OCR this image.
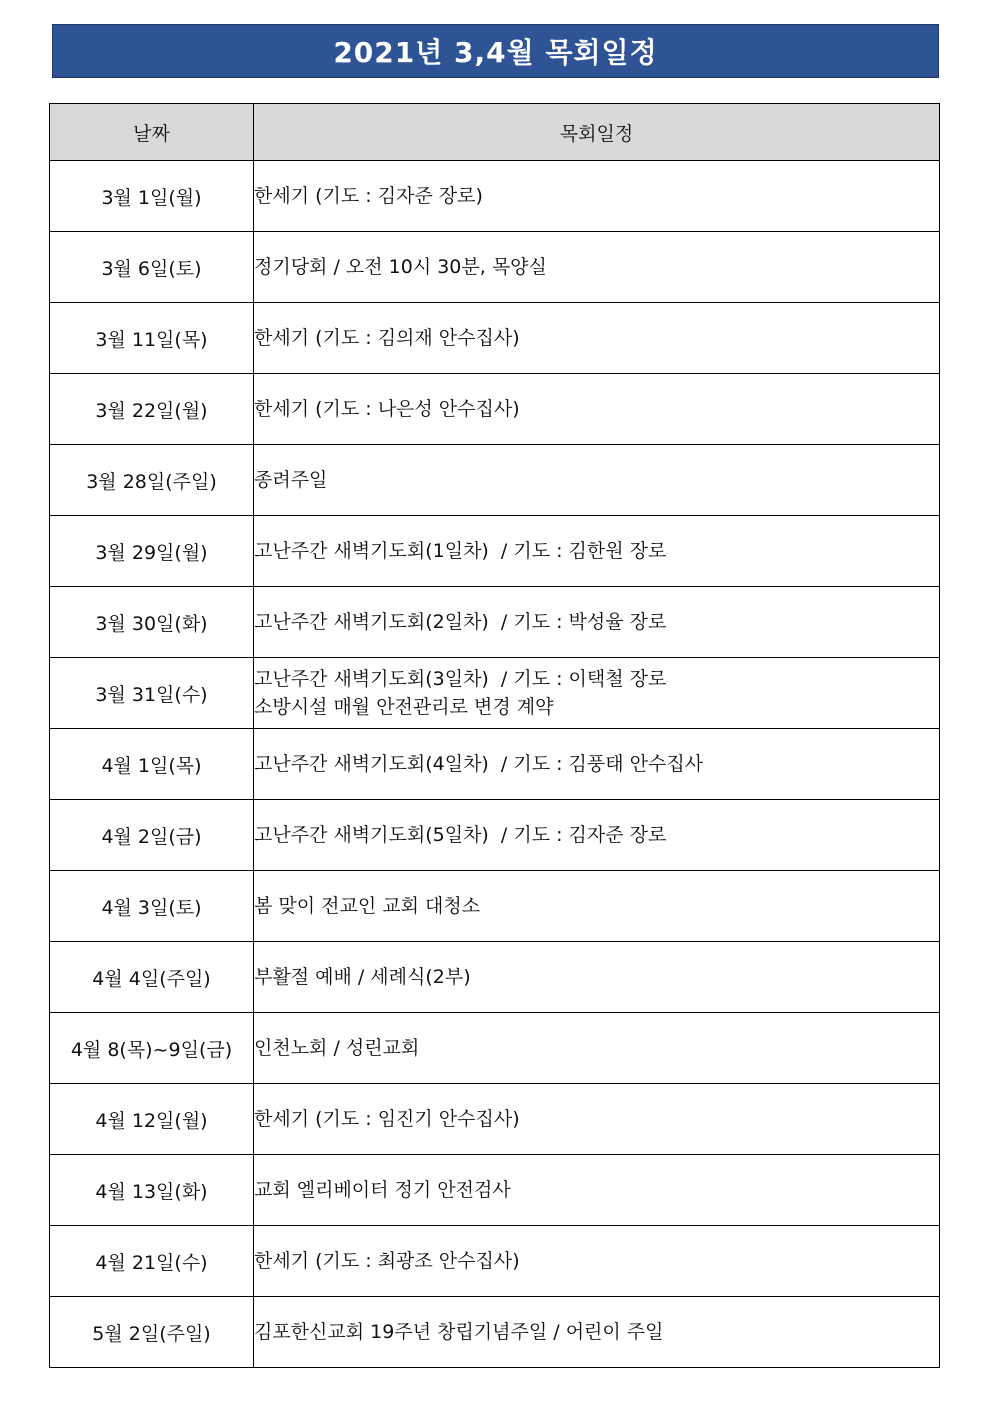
2021년 3,4월 목회일정
날짜	목회일정
3월 1일(월)	한세기 (기도 : 김자준 장로)

3월 6일(토)	정기당회 / 오전 10시 30분, 목양실

3월 11일(목)	한세기 (기도 : 김의재 안수집사)

3월 22일(월)	한세기 (기도 : 나은성 안수집사)

3월 28일(주일)	종려주일

3월 29일(월)	고난주간 새벽기도회(1일차)  / 기도 : 김한원 장로

3월 30일(화)	고난주간 새벽기도회(2일차)  / 기도 : 박성율 장로

3월 31일(수)	고난주간 새벽기도회(3일차)  / 기도 : 이택철 장로
소방시설 매월 안전관리로 변경 계약

4월 1일(목)	고난주간 새벽기도회(4일차)  / 기도 : 김풍태 안수집사

4월 2일(금)	고난주간 새벽기도회(5일차)  / 기도 : 김자준 장로

4월 3일(토)	봄 맞이 전교인 교회 대청소

4월 4일(주일)	부활절 예배 / 세례식(2부)

4월 8(목)~9일(금)	인천노회 / 성린교회

4월 12일(월)	한세기 (기도 : 임진기 안수집사)

4월 13일(화)	교회 엘리베이터 정기 안전검사

4월 21일(수)	한세기 (기도 : 최광조 안수집사)

5월 2일(주일)	김포한신교회 19주년 창립기념주일 / 어린이 주일
